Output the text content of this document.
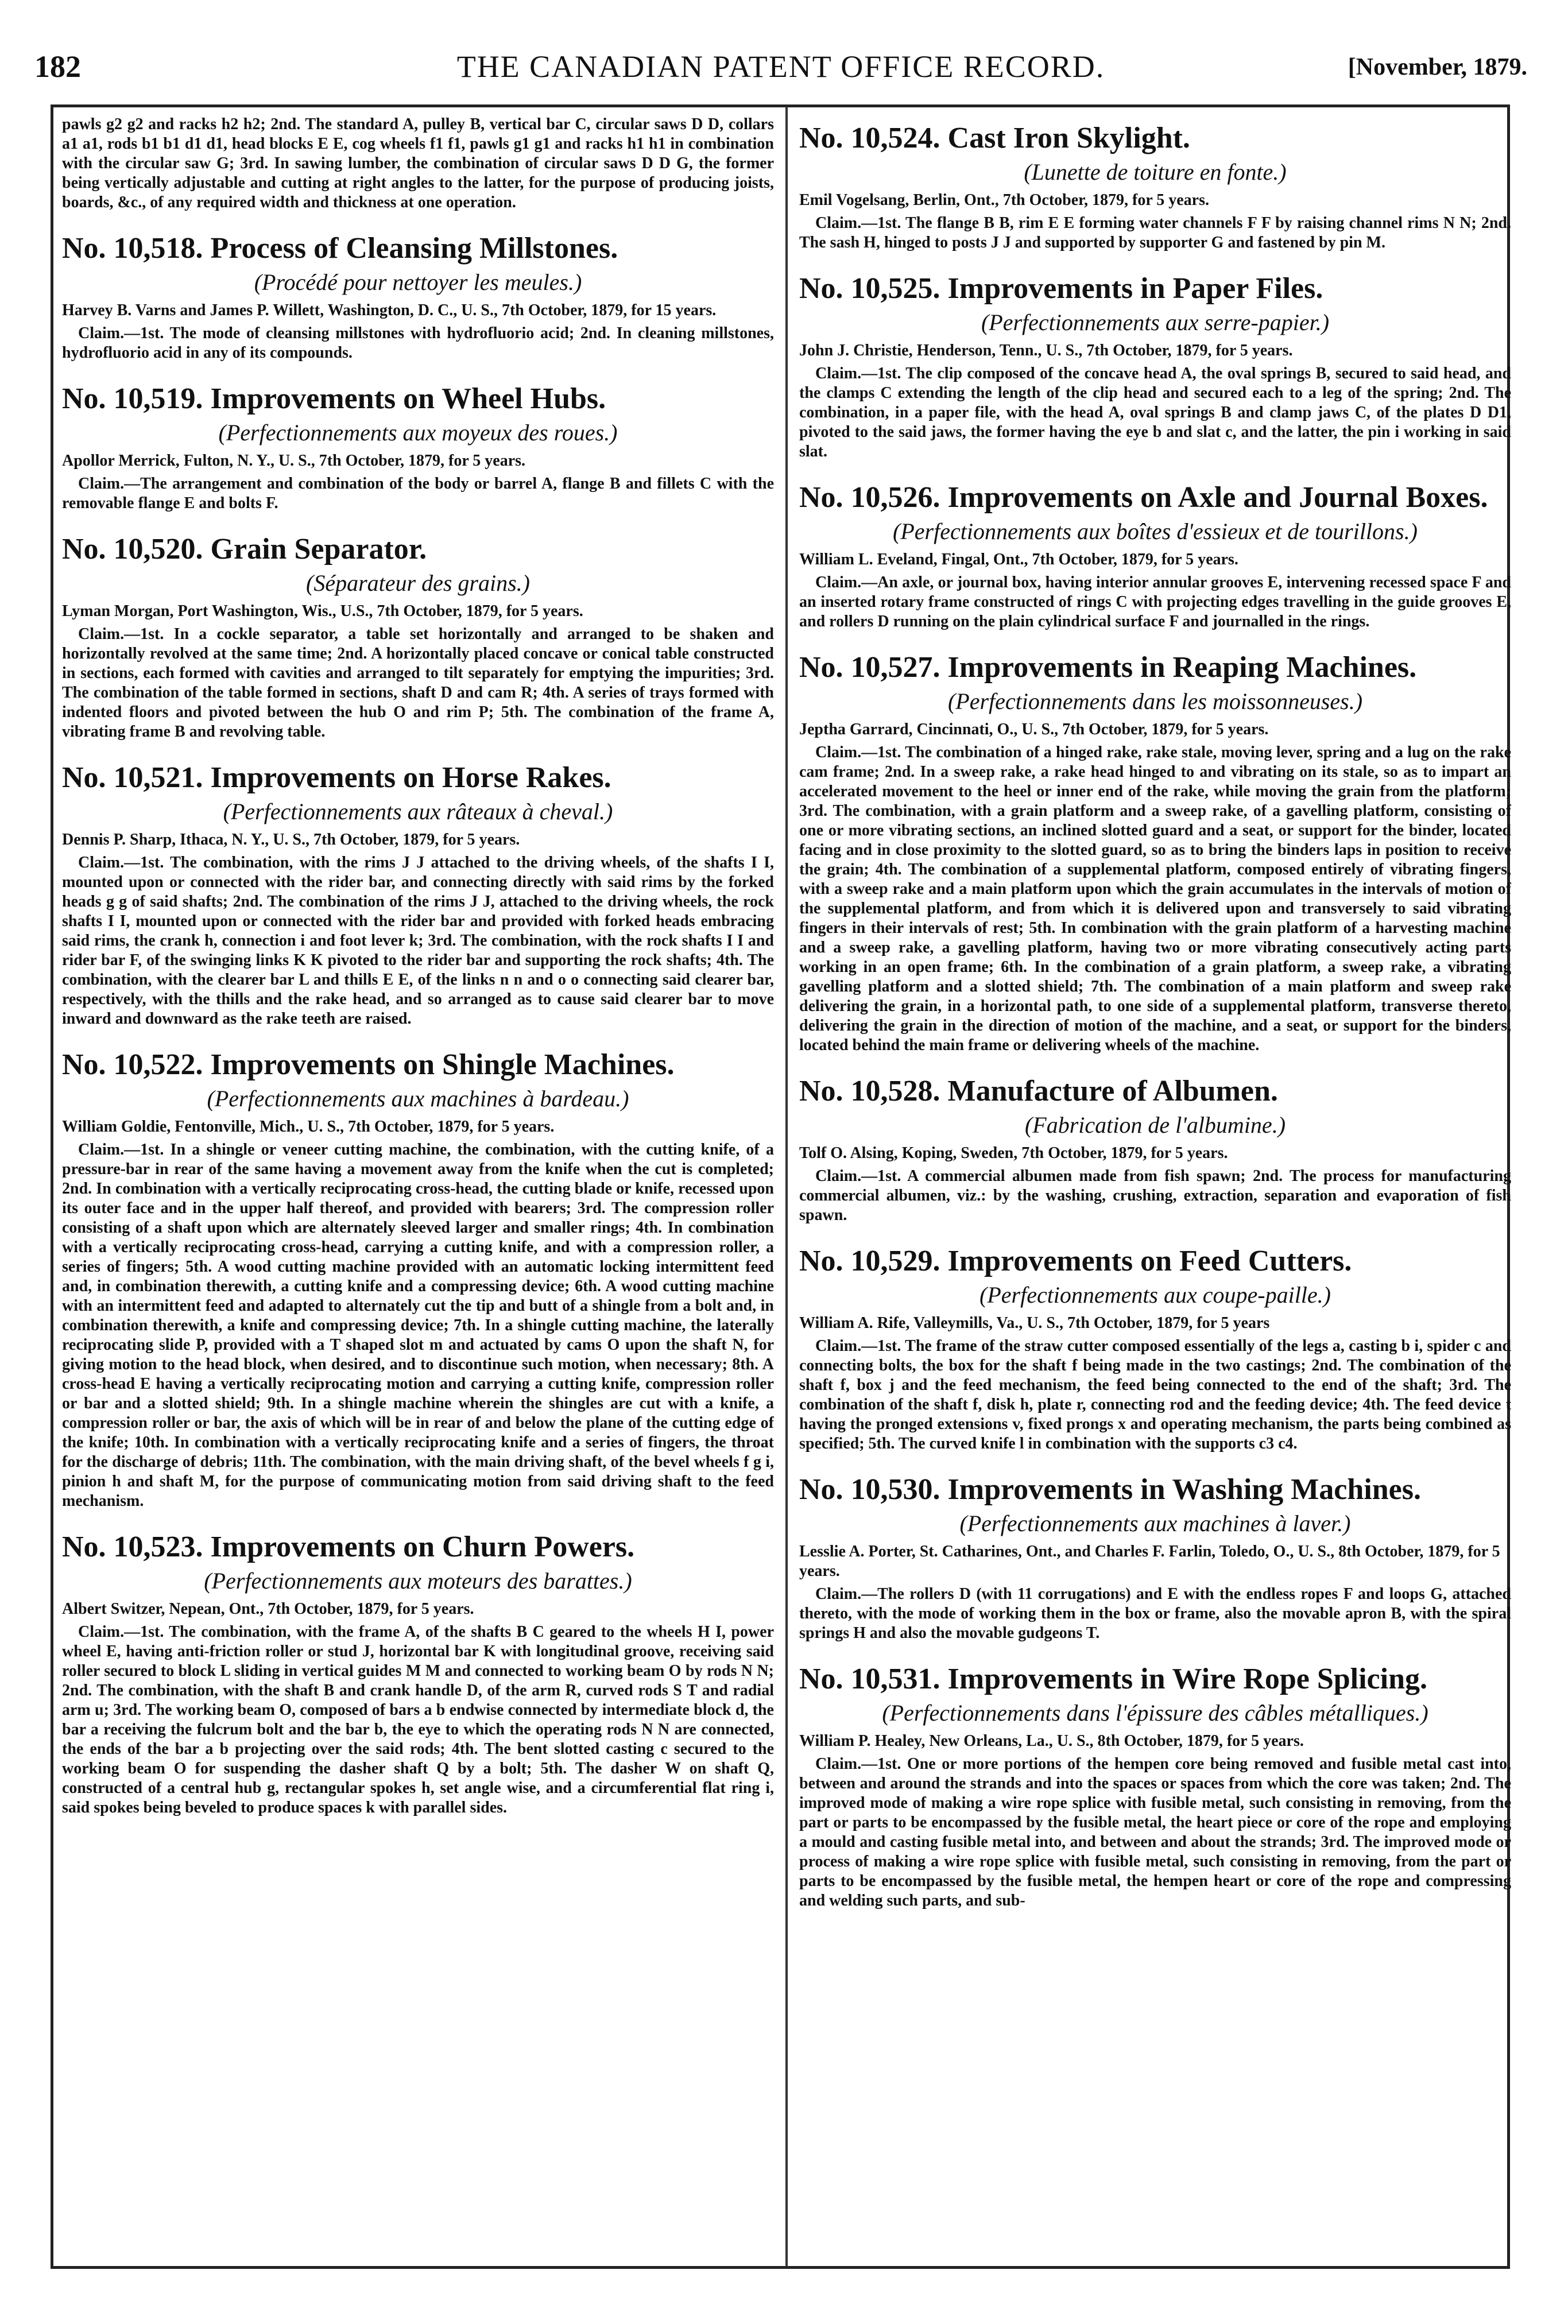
182	THE CANADIAN PATENT OFFICE RECORD.	[November, 1879.

pawls g2 g2 and racks h2 h2; 2nd. The standard A, pulley B, vertical bar C, circular saws D D, collars a1 a1, rods b1 b1 d1 d1, head blocks E E, cog wheels f1 f1, pawls g1 g1 and racks h1 h1 in combination with the circular saw G; 3rd. In sawing lumber, the combination of circular saws D D G, the former being vertically adjustable and cutting at right angles to the latter, for the purpose of producing joists, boards, &c., of any required width and thickness at one operation.

No. 10,518. Process of Cleansing Millstones.

(Procédé pour nettoyer les meules.)

Harvey B. Varns and James P. Willett, Washington, D. C., U. S., 7th October, 1879, for 15 years.

Claim.—1st. The mode of cleansing millstones with hydrofluorio acid; 2nd. In cleaning millstones, hydrofluorio acid in any of its compounds.

No. 10,519. Improvements on Wheel Hubs.

(Perfectionnements aux moyeux des roues.)

Apollor Merrick, Fulton, N. Y., U. S., 7th October, 1879, for 5 years.

Claim.—The arrangement and combination of the body or barrel A, flange B and fillets C with the removable flange E and bolts F.

No. 10,520. Grain Separator.

(Séparateur des grains.)

Lyman Morgan, Port Washington, Wis., U.S., 7th October, 1879, for 5 years.

Claim.—1st. In a cockle separator, a table set horizontally and arranged to be shaken and horizontally revolved at the same time; 2nd. A horizontally placed concave or conical table constructed in sections, each formed with cavities and arranged to tilt separately for emptying the impurities; 3rd. The combination of the table formed in sections, shaft D and cam R; 4th. A series of trays formed with indented floors and pivoted between the hub O and rim P; 5th. The combination of the frame A, vibrating frame B and revolving table.

No. 10,521. Improvements on Horse Rakes.

(Perfectionnements aux râteaux à cheval.)

Dennis P. Sharp, Ithaca, N. Y., U. S., 7th October, 1879, for 5 years.

Claim.—1st. The combination, with the rims J J attached to the driving wheels, of the shafts I I, mounted upon or connected with the rider bar, and connecting directly with said rims by the forked heads g g of said shafts; 2nd. The combination of the rims J J, attached to the driving wheels, the rock shafts I I, mounted upon or connected with the rider bar and provided with forked heads embracing said rims, the crank h, connection i and foot lever k; 3rd. The combination, with the rock shafts I I and rider bar F, of the swinging links K K pivoted to the rider bar and supporting the rock shafts; 4th. The combination, with the clearer bar L and thills E E, of the links n n and o o connecting said clearer bar, respectively, with the thills and the rake head, and so arranged as to cause said clearer bar to move inward and downward as the rake teeth are raised.

No. 10,522. Improvements on Shingle Machines.

(Perfectionnements aux machines à bardeau.)

William Goldie, Fentonville, Mich., U. S., 7th October, 1879, for 5 years.

Claim.—1st. In a shingle or veneer cutting machine, the combination, with the cutting knife, of a pressure-bar in rear of the same having a movement away from the knife when the cut is completed; 2nd. In combination with a vertically reciprocating cross-head, the cutting blade or knife, recessed upon its outer face and in the upper half thereof, and provided with bearers; 3rd. The compression roller consisting of a shaft upon which are alternately sleeved larger and smaller rings; 4th. In combination with a vertically reciprocating cross-head, carrying a cutting knife, and with a compression roller, a series of fingers; 5th. A wood cutting machine provided with an automatic locking intermittent feed and, in combination therewith, a cutting knife and a compressing device; 6th. A wood cutting machine with an intermittent feed and adapted to alternately cut the tip and butt of a shingle from a bolt and, in combination therewith, a knife and compressing device; 7th. In a shingle cutting machine, the laterally reciprocating slide P, provided with a T shaped slot m and actuated by cams O upon the shaft N, for giving motion to the head block, when desired, and to discontinue such motion, when necessary; 8th. A cross-head E having a vertically reciprocating motion and carrying a cutting knife, compression roller or bar and a slotted shield; 9th. In a shingle machine wherein the shingles are cut with a knife, a compression roller or bar, the axis of which will be in rear of and below the plane of the cutting edge of the knife; 10th. In combination with a vertically reciprocating knife and a series of fingers, the throat for the discharge of debris; 11th. The combination, with the main driving shaft, of the bevel wheels f g i, pinion h and shaft M, for the purpose of communicating motion from said driving shaft to the feed mechanism.

No. 10,523. Improvements on Churn Powers.

(Perfectionnements aux moteurs des barattes.)

Albert Switzer, Nepean, Ont., 7th October, 1879, for 5 years.

Claim.—1st. The combination, with the frame A, of the shafts B C geared to the wheels H I, power wheel E, having anti-friction roller or stud J, horizontal bar K with longitudinal groove, receiving said roller secured to block L sliding in vertical guides M M and connected to working beam O by rods N N; 2nd. The combination, with the shaft B and crank handle D, of the arm R, curved rods S T and radial arm u; 3rd. The working beam O, composed of bars a b endwise connected by intermediate block d, the bar a receiving the fulcrum bolt and the bar b, the eye to which the operating rods N N are connected, the ends of the bar a b projecting over the said rods; 4th. The bent slotted casting c secured to the working beam O for suspending the dasher shaft Q by a bolt; 5th. The dasher W on shaft Q, constructed of a central hub g, rectangular spokes h, set angle wise, and a circumferential flat ring i, said spokes being beveled to produce spaces k with parallel sides.

No. 10,524. Cast Iron Skylight.

(Lunette de toiture en fonte.)

Emil Vogelsang, Berlin, Ont., 7th October, 1879, for 5 years.

Claim.—1st. The flange B B, rim E E forming water channels F F by raising channel rims N N; 2nd. The sash H, hinged to posts J J and supported by supporter G and fastened by pin M.

No. 10,525. Improvements in Paper Files.

(Perfectionnements aux serre-papier.)

John J. Christie, Henderson, Tenn., U. S., 7th October, 1879, for 5 years.

Claim.—1st. The clip composed of the concave head A, the oval springs B, secured to said head, and the clamps C extending the length of the clip head and secured each to a leg of the spring; 2nd. The combination, in a paper file, with the head A, oval springs B and clamp jaws C, of the plates D D1, pivoted to the said jaws, the former having the eye b and slat c, and the latter, the pin i working in said slat.

No. 10,526. Improvements on Axle and Journal Boxes.

(Perfectionnements aux boîtes d'essieux et de tourillons.)

William L. Eveland, Fingal, Ont., 7th October, 1879, for 5 years.

Claim.—An axle, or journal box, having interior annular grooves E, intervening recessed space F and an inserted rotary frame constructed of rings C with projecting edges travelling in the guide grooves E, and rollers D running on the plain cylindrical surface F and journalled in the rings.

No. 10,527. Improvements in Reaping Machines.

(Perfectionnements dans les moissonneuses.)

Jeptha Garrard, Cincinnati, O., U. S., 7th October, 1879, for 5 years.

Claim.—1st. The combination of a hinged rake, rake stale, moving lever, spring and a lug on the rake cam frame; 2nd. In a sweep rake, a rake head hinged to and vibrating on its stale, so as to impart an accelerated movement to the heel or inner end of the rake, while moving the grain from the platform; 3rd. The combination, with a grain platform and a sweep rake, of a gavelling platform, consisting of one or more vibrating sections, an inclined slotted guard and a seat, or support for the binder, located facing and in close proximity to the slotted guard, so as to bring the binders laps in position to receive the grain; 4th. The combination of a supplemental platform, composed entirely of vibrating fingers, with a sweep rake and a main platform upon which the grain accumulates in the intervals of motion of the supplemental platform, and from which it is delivered upon and transversely to said vibrating fingers in their intervals of rest; 5th. In combination with the grain platform of a harvesting machine and a sweep rake, a gavelling platform, having two or more vibrating consecutively acting parts working in an open frame; 6th. In the combination of a grain platform, a sweep rake, a vibrating gavelling platform and a slotted shield; 7th. The combination of a main platform and sweep rake delivering the grain, in a horizontal path, to one side of a supplemental platform, transverse thereto, delivering the grain in the direction of motion of the machine, and a seat, or support for the binders, located behind the main frame or delivering wheels of the machine.

No. 10,528. Manufacture of Albumen.

(Fabrication de l'albumine.)

Tolf O. Alsing, Koping, Sweden, 7th October, 1879, for 5 years.

Claim.—1st. A commercial albumen made from fish spawn; 2nd. The process for manufacturing commercial albumen, viz.: by the washing, crushing, extraction, separation and evaporation of fish spawn.

No. 10,529. Improvements on Feed Cutters.

(Perfectionnements aux coupe-paille.)

William A. Rife, Valleymills, Va., U. S., 7th October, 1879, for 5 years

Claim.—1st. The frame of the straw cutter composed essentially of the legs a, casting b i, spider c and connecting bolts, the box for the shaft f being made in the two castings; 2nd. The combination of the shaft f, box j and the feed mechanism, the feed being connected to the end of the shaft; 3rd. The combination of the shaft f, disk h, plate r, connecting rod and the feeding device; 4th. The feed device t having the pronged extensions v, fixed prongs x and operating mechanism, the parts being combined as specified; 5th. The curved knife l in combination with the supports c3 c4.

No. 10,530. Improvements in Washing Machines.

(Perfectionnements aux machines à laver.)

Lesslie A. Porter, St. Catharines, Ont., and Charles F. Farlin, Toledo, O., U. S., 8th October, 1879, for 5 years.

Claim.—The rollers D (with 11 corrugations) and E with the endless ropes F and loops G, attached thereto, with the mode of working them in the box or frame, also the movable apron B, with the spiral springs H and also the movable gudgeons T.

No. 10,531. Improvements in Wire Rope Splicing.

(Perfectionnements dans l'épissure des câbles métalliques.)

William P. Healey, New Orleans, La., U. S., 8th October, 1879, for 5 years.

Claim.—1st. One or more portions of the hempen core being removed and fusible metal cast into, between and around the strands and into the spaces or spaces from which the core was taken; 2nd. The improved mode of making a wire rope splice with fusible metal, such consisting in removing, from the part or parts to be encompassed by the fusible metal, the heart piece or core of the rope and employing a mould and casting fusible metal into, and between and about the strands; 3rd. The improved mode or process of making a wire rope splice with fusible metal, such consisting in removing, from the part or parts to be encompassed by the fusible metal, the hempen heart or core of the rope and compressing and welding such parts, and sub-
